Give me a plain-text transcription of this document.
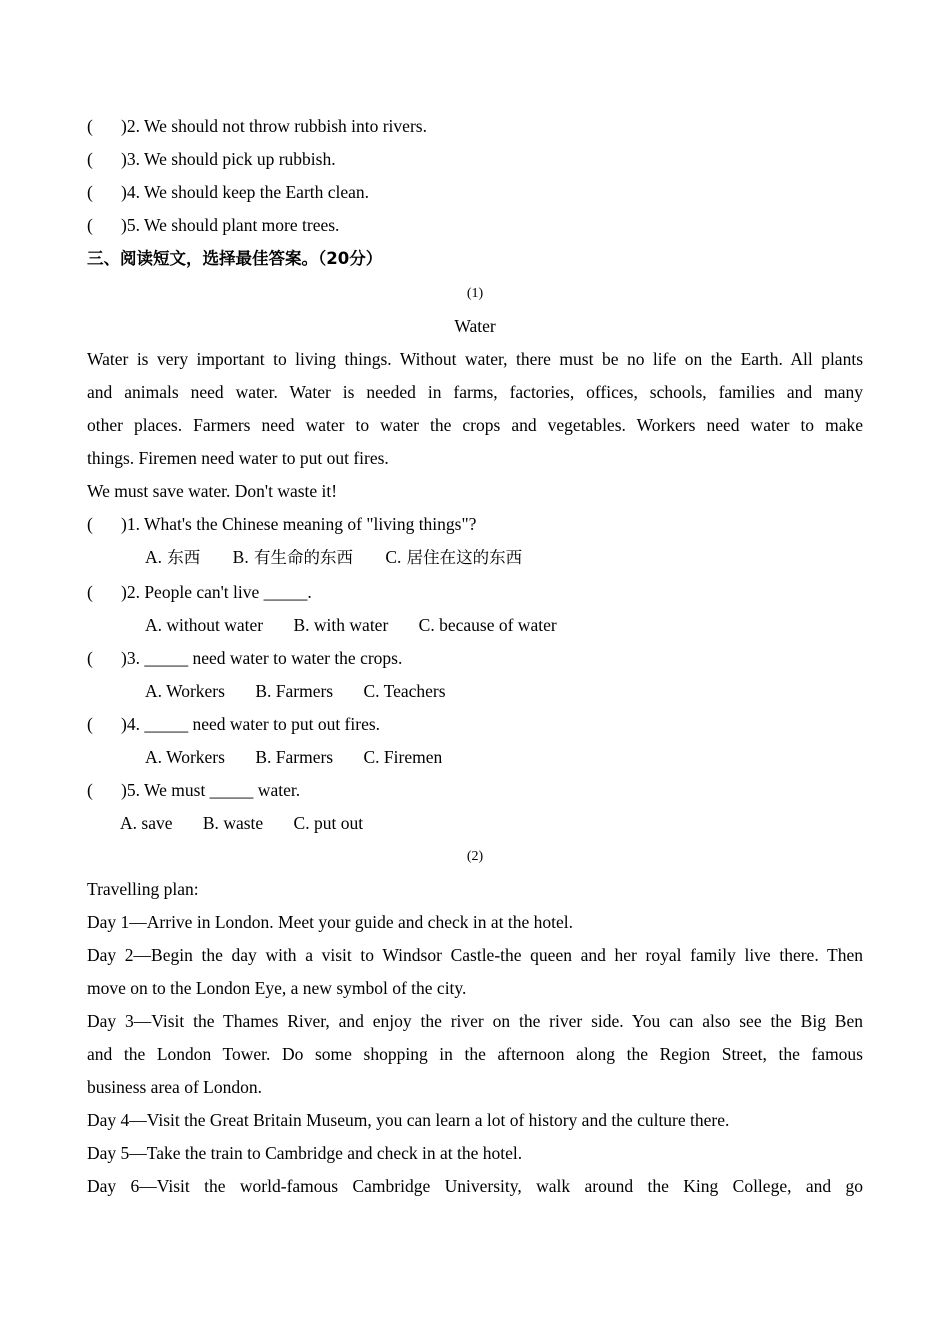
( )2. We should not throw rubbish into rivers.
( )3. We should pick up rubbish.
( )4. We should keep the Earth clean.
( )5. We should plant more trees.
三、阅读短文，选择最佳答案。（20分）
(1)
Water
Water is very important to living things. Without water, there must be no life on the Earth. All plants
and animals need water. Water is needed in farms, factories, offices, schools, families and many
other places. Farmers need water to water the crops and vegetables. Workers need water to make
things. Firemen need water to put out fires.
We must save water. Don't waste it!
( )1. What's the Chinese meaning of "living things"?
A. 东西 B. 有生命的东西 C. 居住在这的东西
( )2. People can't live _____.
A. without water B. with water C. because of water
( )3. _____ need water to water the crops.
A. Workers B. Farmers C. Teachers
( )4. _____ need water to put out fires.
A. Workers B. Farmers C. Firemen
( )5. We must _____ water.
A. save B. waste C. put out
(2)
Travelling plan:
Day 1—Arrive in London. Meet your guide and check in at the hotel.
Day 2—Begin the day with a visit to Windsor Castle-the queen and her royal family live there. Then
move on to the London Eye, a new symbol of the city.
Day 3—Visit the Thames River, and enjoy the river on the river side. You can also see the Big Ben
and the London Tower. Do some shopping in the afternoon along the Region Street, the famous
business area of London.
Day 4—Visit the Great Britain Museum, you can learn a lot of history and the culture there.
Day 5—Take the train to Cambridge and check in at the hotel.
Day 6—Visit the world-famous Cambridge University, walk around the King College, and go
